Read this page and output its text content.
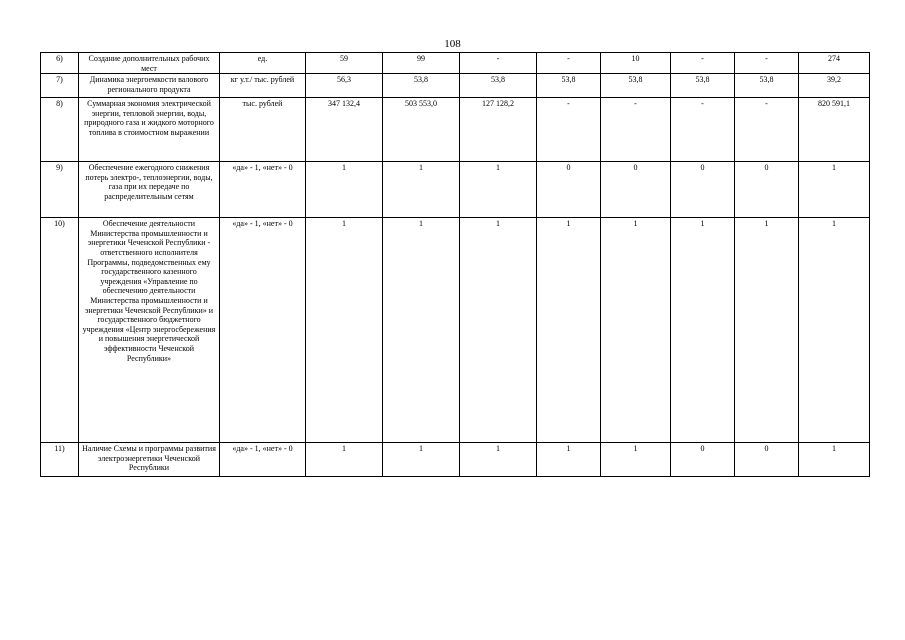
108
6)	Создание дополнительных рабочих мест	ед.	59	99	-	-	10	-	-	274
7)	Динамика энергоемкости валового регионального продукта	кг у.т./ тыс. рублей	56,3	53,8	53,8	53,8	53,8	53,8	53,8	39,2
8)	Суммарная экономия электрической энергии, тепловой энергии, воды, природного газа и жидкого моторного топлива в стоимостном выражении	тыс. рублей	347 132,4	503 553,0	127 128,2	-	-	-	-	820 591,1
9)	Обеспечение ежегодного снижения потерь электро-, теплоэнергии, воды, газа при их передаче по распределительным сетям	«да» - 1, «нет» - 0	1	1	1	0	0	0	0	1
10)	Обеспечение деятельности Министерства промышленности и энергетики Чеченской Республики - ответственного исполнителя Программы, подведомственных ему государственного казенного учреждения «Управление по обеспечению деятельности Министерства промышленности и энергетики Чеченской Республики» и государственного бюджетного учреждения «Центр энергосбережения и повышения энергетической эффективности Чеченской Республики»	«да» - 1, «нет» - 0	1	1	1	1	1	1	1	1
11)	Наличие Схемы и программы развития электроэнергетики Чеченской Республики	«да» - 1, «нет» - 0	1	1	1	1	1	0	0	1
